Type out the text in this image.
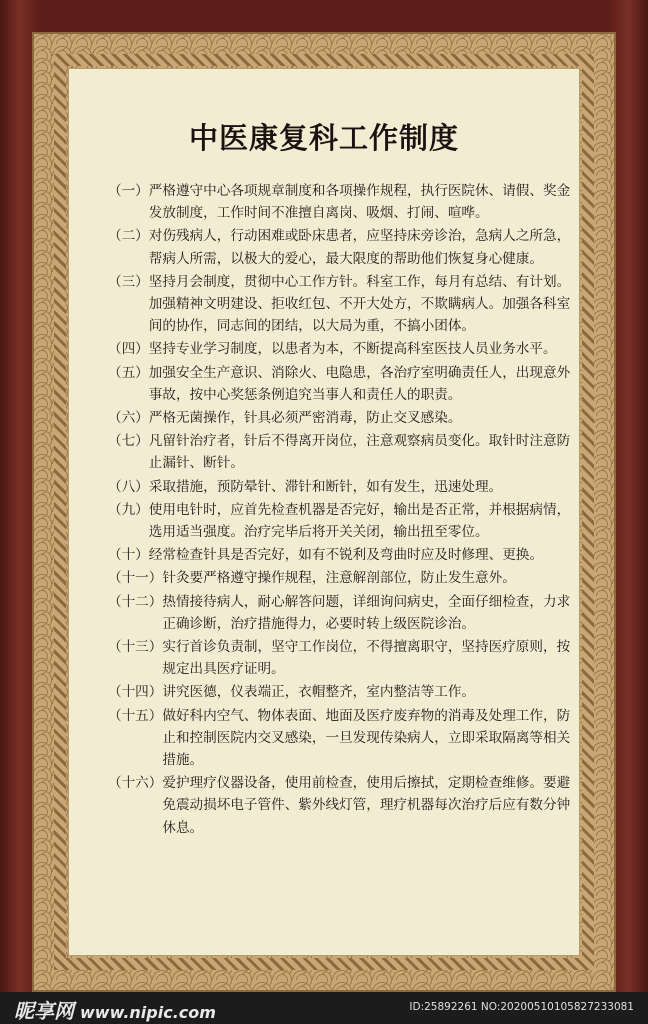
中医康复科工作制度
（一） 严格遵守中心各项规章制度和各项操作规程，执行医院休、请假、奖金发放制度，工作时间不准擅自离岗、吸烟、打闹、喧哗。
（二） 对伤残病人，行动困难或卧床患者，应坚持床旁诊治，急病人之所急，帮病人所需，以极大的爱心，最大限度的帮助他们恢复身心健康。
（三） 坚持月会制度，贯彻中心工作方针。科室工作，每月有总结、有计划。加强精神文明建设、拒收红包、不开大处方，不欺瞒病人。加强各科室间的协作，同志间的团结，以大局为重，不搞小团体。
（四） 坚持专业学习制度，以患者为本，不断提高科室医技人员业务水平。
（五） 加强安全生产意识、消除火、电隐患，各治疗室明确责任人，出现意外事故，按中心奖惩条例追究当事人和责任人的职责。
（六） 严格无菌操作，针具必须严密消毒，防止交叉感染。
（七） 凡留针治疗者，针后不得离开岗位，注意观察病员变化。取针时注意防止漏针、断针。
（八） 采取措施，预防晕针、滞针和断针，如有发生，迅速处理。
（九） 使用电针时，应首先检查机器是否完好，输出是否正常，并根据病情，选用适当强度。治疗完毕后将开关关闭，输出扭至零位。
（十） 经常检查针具是否完好，如有不锐利及弯曲时应及时修理、更换。
（十一） 针灸要严格遵守操作规程，注意解剖部位，防止发生意外。
（十二） 热情接待病人，耐心解答问题，详细询问病史，全面仔细检查，力求正确诊断，治疗措施得力，必要时转上级医院诊治。
（十三） 实行首诊负责制，坚守工作岗位，不得擅离职守，坚持医疗原则，按规定出具医疗证明。
（十四） 讲究医德，仪表端正，衣帽整齐，室内整洁等工作。
（十五） 做好科内空气、物体表面、地面及医疗废弃物的消毒及处理工作，防止和控制医院内交叉感染，一旦发现传染病人，立即采取隔离等相关措施。
（十六） 爱护理疗仪器设备，使用前检查，使用后擦拭，定期检查维修。要避免震动损坏电子管件、紫外线灯管，理疗机器每次治疗后应有数分钟休息。
昵享网 www.nipic.com	ID:25892261 NO:20200510105827233081
